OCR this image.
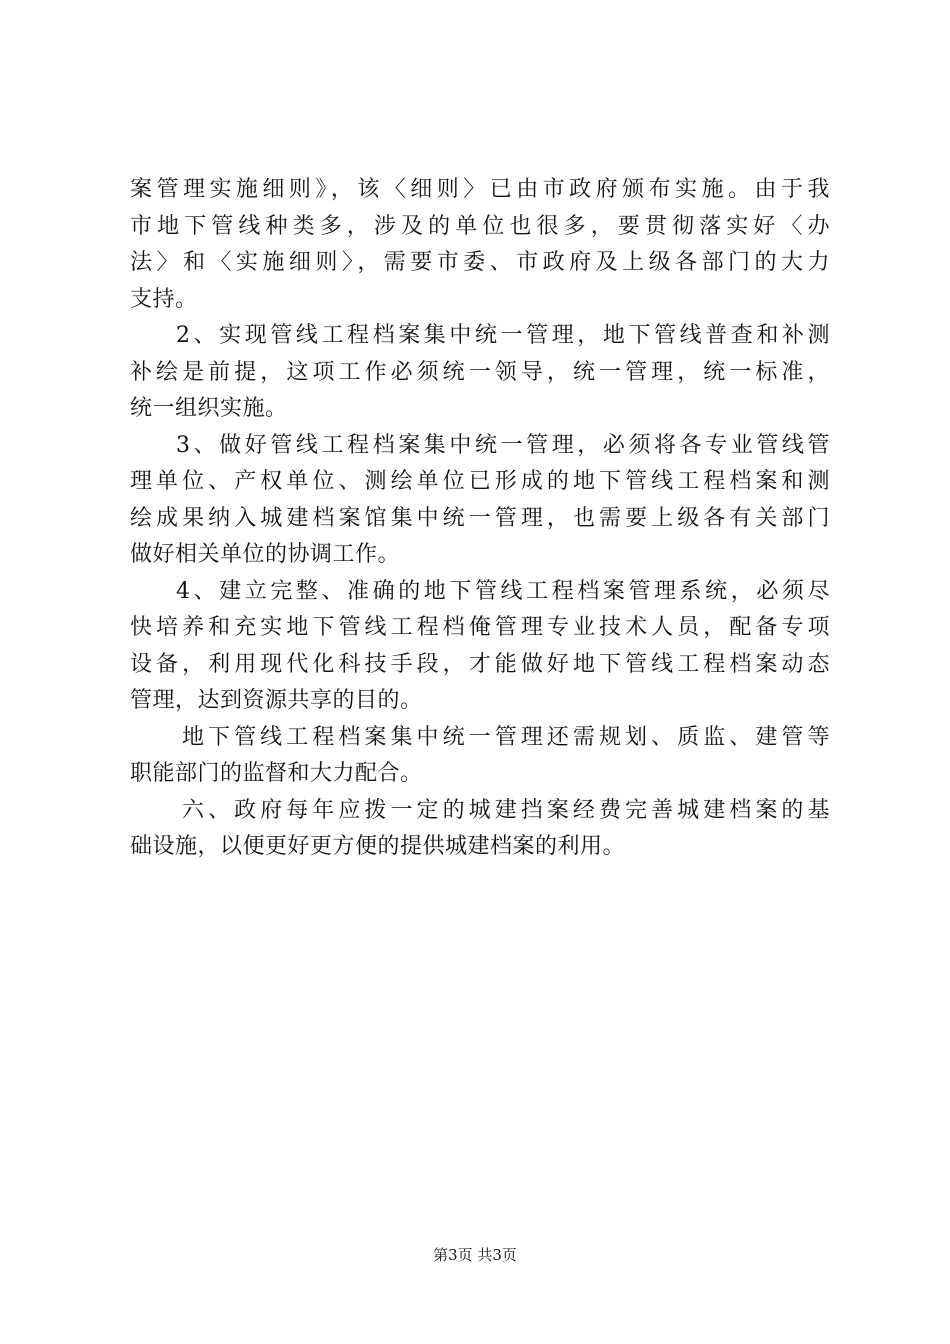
案管理实施细则》，该〈细则〉已由市政府颁布实施。由于我
市地下管线种类多，涉及的单位也很多，要贯彻落实好〈办
法〉和〈实施细则〉，需要市委、市政府及上级各部门的大力
支持。
2、实现管线工程档案集中统一管理，地下管线普查和补测
补绘是前提，这项工作必须统一领导，统一管理，统一标准，
统一组织实施。
3、做好管线工程档案集中统一管理，必须将各专业管线管
理单位、产权单位、测绘单位已形成的地下管线工程档案和测
绘成果纳入城建档案馆集中统一管理，也需要上级各有关部门
做好相关单位的协调工作。
4、建立完整、准确的地下管线工程档案管理系统，必须尽
快培养和充实地下管线工程档俺管理专业技术人员，配备专项
设备，利用现代化科技手段，才能做好地下管线工程档案动态
管理，达到资源共享的目的。
地下管线工程档案集中统一管理还需规划、质监、建管等
职能部门的监督和大力配合。
六、政府每年应拨一定的城建挡案经费完善城建档案的基
础设施，以便更好更方便的提供城建档案的利用。
第3页 共3页
